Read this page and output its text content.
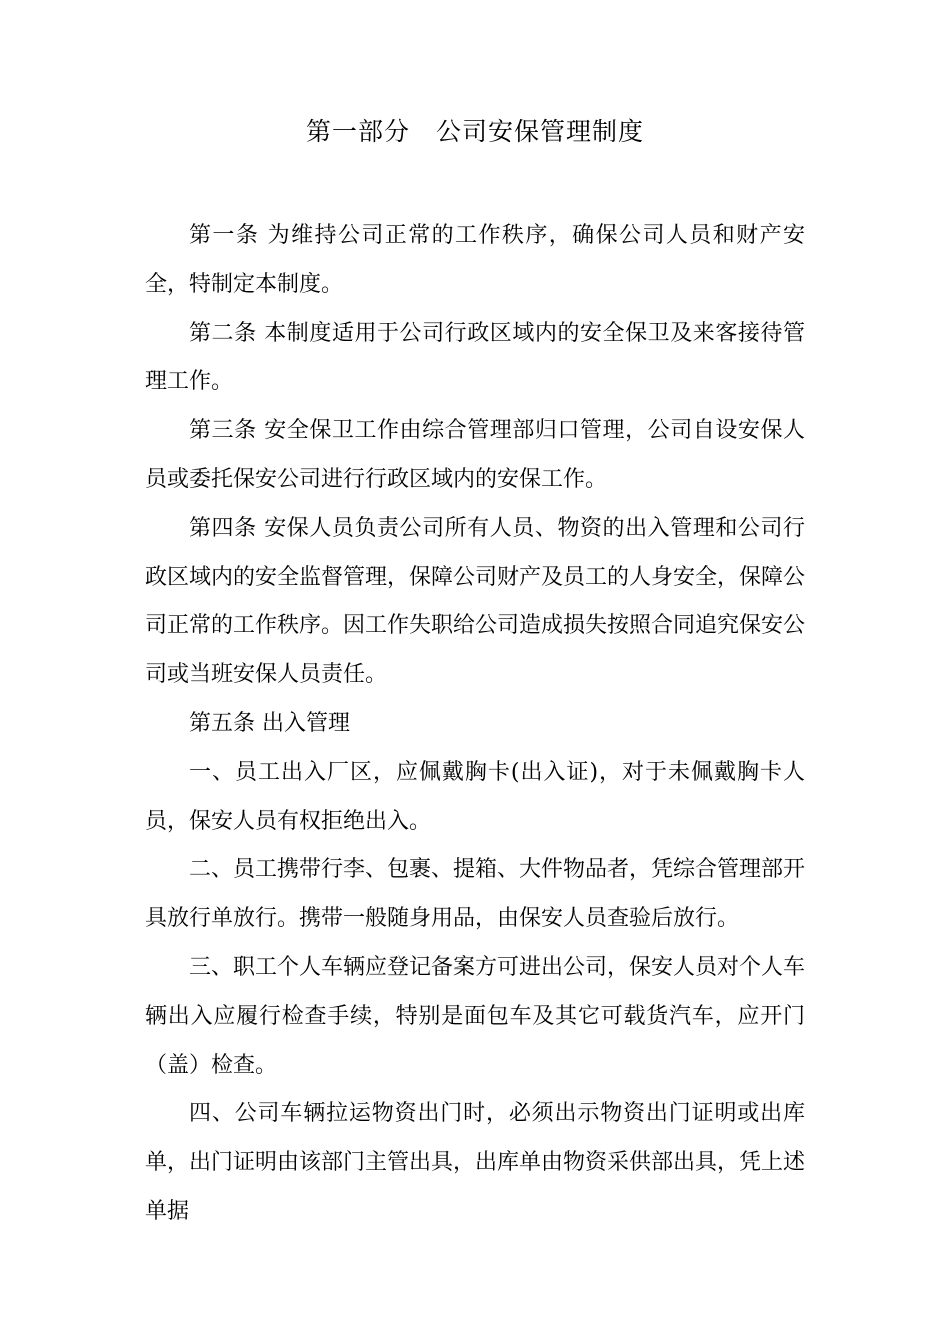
第一部分　公司安保管理制度

第一条 为维持公司正常的工作秩序，确保公司人员和财产安全，特制定本制度。

第二条 本制度适用于公司行政区域内的安全保卫及来客接待管理工作。

第三条 安全保卫工作由综合管理部归口管理，公司自设安保人员或委托保安公司进行行政区域内的安保工作。

第四条 安保人员负责公司所有人员、物资的出入管理和公司行政区域内的安全监督管理，保障公司财产及员工的人身安全，保障公司正常的工作秩序。因工作失职给公司造成损失按照合同追究保安公司或当班安保人员责任。

第五条 出入管理

一、员工出入厂区，应佩戴胸卡(出入证)，对于未佩戴胸卡人员，保安人员有权拒绝出入。

二、员工携带行李、包裹、提箱、大件物品者，凭综合管理部开具放行单放行。携带一般随身用品，由保安人员查验后放行。

三、职工个人车辆应登记备案方可进出公司，保安人员对个人车辆出入应履行检查手续，特别是面包车及其它可载货汽车，应开门（盖）检查。

四、公司车辆拉运物资出门时，必须出示物资出门证明或出库单，出门证明由该部门主管出具，出库单由物资采供部出具，凭上述单据
